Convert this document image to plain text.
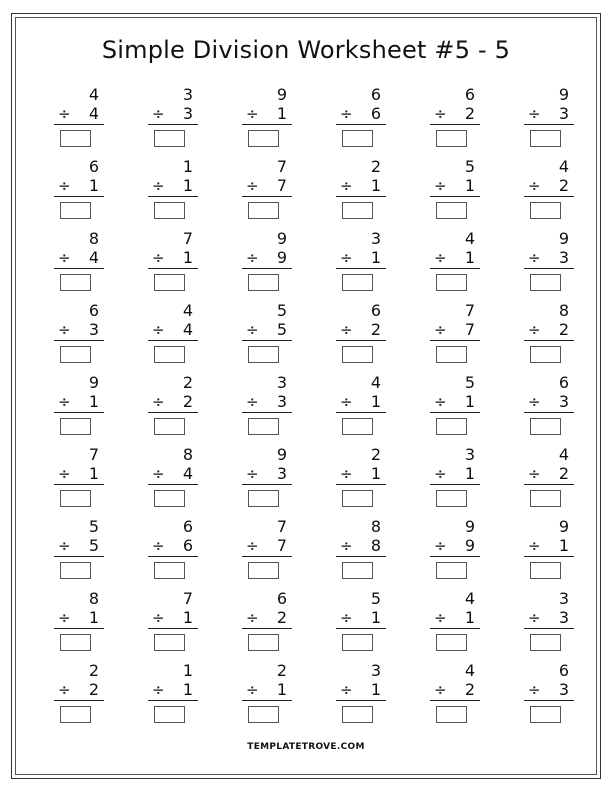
Simple Division Worksheet #5 - 5
4
÷	4
3
÷	3
9
÷	1
6
÷	6
6
÷	2
9
÷	3
6
÷	1
1
÷	1
7
÷	7
2
÷	1
5
÷	1
4
÷	2
8
÷	4
7
÷	1
9
÷	9
3
÷	1
4
÷	1
9
÷	3
6
÷	3
4
÷	4
5
÷	5
6
÷	2
7
÷	7
8
÷	2
9
÷	1
2
÷	2
3
÷	3
4
÷	1
5
÷	1
6
÷	3
7
÷	1
8
÷	4
9
÷	3
2
÷	1
3
÷	1
4
÷	2
5
÷	5
6
÷	6
7
÷	7
8
÷	8
9
÷	9
9
÷	1
8
÷	1
7
÷	1
6
÷	2
5
÷	1
4
÷	1
3
÷	3
2
÷	2
1
÷	1
2
÷	1
3
÷	1
4
÷	2
6
÷	3
TEMPLATETROVE.COM
